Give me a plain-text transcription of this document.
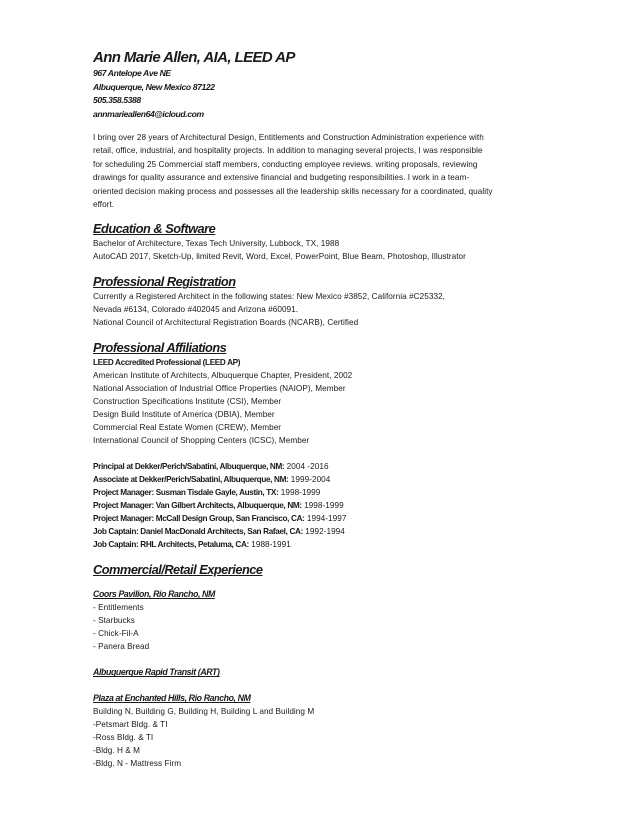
Ann Marie Allen, AIA, LEED AP

967 Antelope Ave NE

Albuquerque, New Mexico 87122

505.358.5388

annmarieallen64@icloud.com

I bring over 28 years of Architectural Design, Entitlements and Construction Administration experience with
retail, office, industrial, and hospitality projects. In addition to managing several projects, I was responsible
for scheduling 25 Commercial staff members, conducting employee reviews. writing proposals, reviewing
drawings for quality assurance and extensive financial and budgeting responsibilities. I work in a team-
oriented decision making process and possesses all the leadership skills necessary for a coordinated, quality
effort.

Education & Software

Bachelor of Architecture, Texas Tech University, Lubbock, TX, 1988
AutoCAD 2017, Sketch-Up, limited Revit, Word, Excel, PowerPoint, Blue Beam, Photoshop, Illustrator

Professional Registration

Currently a Registered Architect in the following states: New Mexico #3852, California #C25332,
Nevada #6134, Colorado #402045 and Arizona #60091.
National Council of Architectural Registration Boards (NCARB), Certified

Professional Affiliations

LEED Accredited Professional (LEED AP)
American Institute of Architects, Albuquerque Chapter, President, 2002
National Association of Industrial Office Properties (NAIOP), Member
Construction Specifications Institute (CSI), Member
Design Build Institute of America (DBIA), Member
Commercial Real Estate Women (CREW), Member
International Council of Shopping Centers (ICSC), Member
Principal at Dekker/Perich/Sabatini, Albuquerque, NM: 2004 -2016
Associate at Dekker/Perich/Sabatini, Albuquerque, NM: 1999-2004
Project Manager: Susman Tisdale Gayle, Austin, TX: 1998-1999
Project Manager: Van Gilbert Architects, Albuquerque, NM: 1998-1999
Project Manager: McCall Design Group, San Francisco, CA: 1994-1997
Job Captain: Daniel MacDonald Architects, San Rafael, CA: 1992-1994
Job Captain: RHL Architects, Petaluma, CA: 1988-1991

Commercial/Retail Experience

Coors Pavilion, Rio Rancho, NM
- Entitlements
- Starbucks
- Chick-Fil-A
- Panera Bread
Albuquerque Rapid Transit (ART)
Plaza at Enchanted Hills, Rio Rancho, NM
Building N, Building G, Building H, Building L and Building M
-Petsmart Bldg. & TI
-Ross Bldg. & TI
-Bldg. H & M
-Bldg. N - Mattress Firm
